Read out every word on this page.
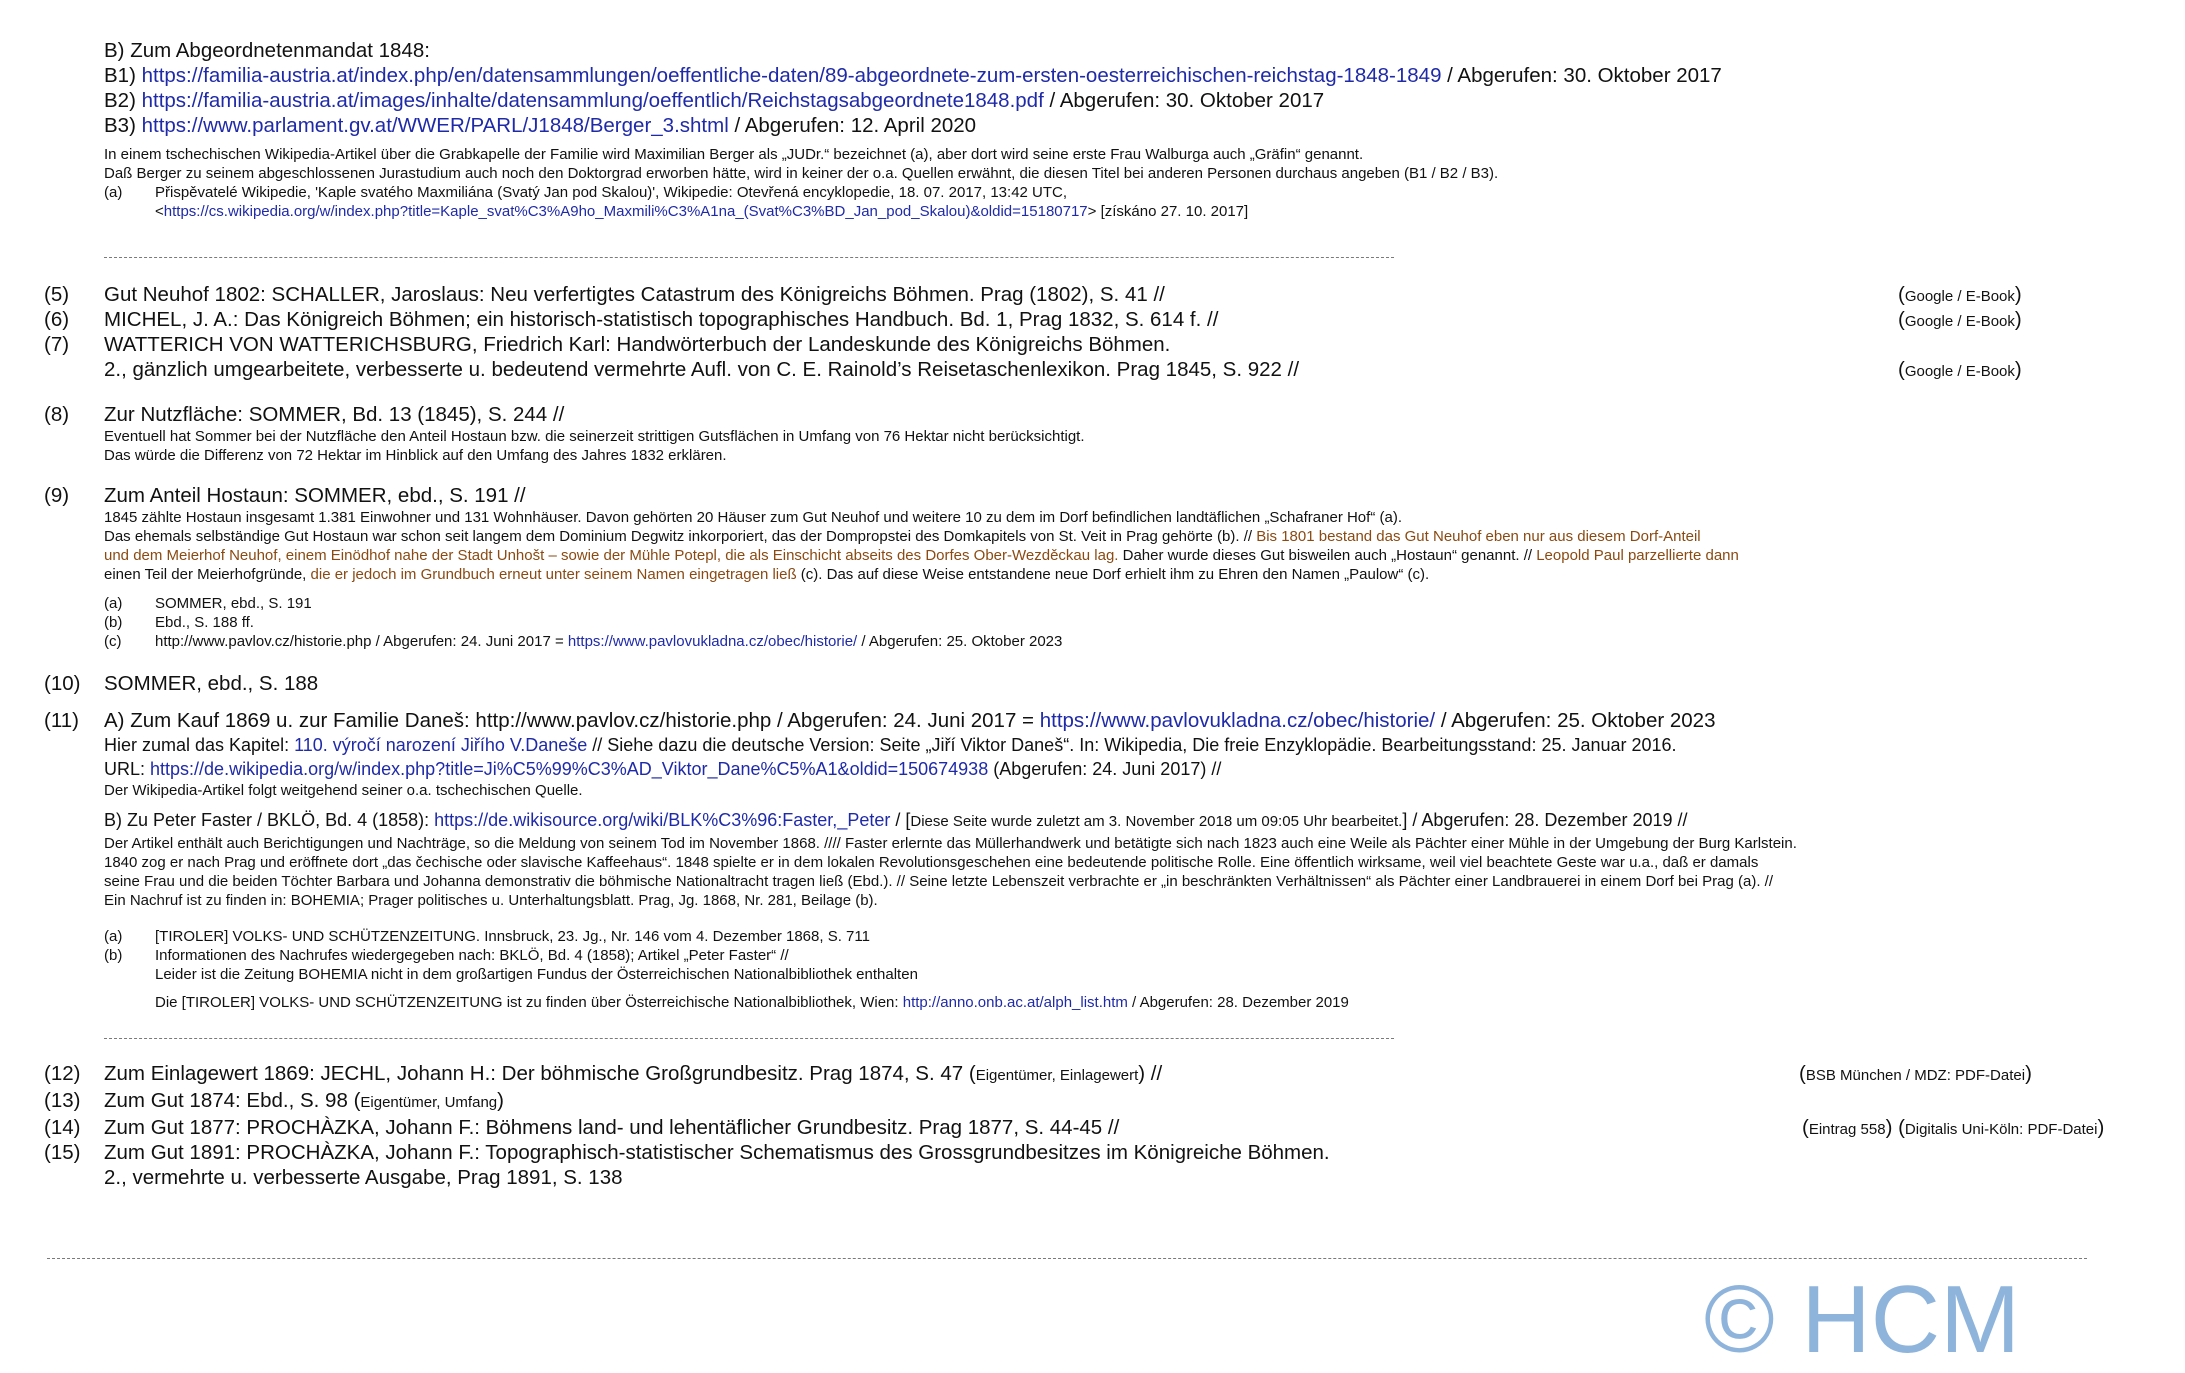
B) Zum Abgeordnetenmandat 1848:
B1) https://familia-austria.at/index.php/en/datensammlungen/oeffentliche-daten/89-abgeordnete-zum-ersten-oesterreichischen-reichstag-1848-1849 / Abgerufen: 30. Oktober 2017
B2) https://familia-austria.at/images/inhalte/datensammlung/oeffentlich/Reichstagsabgeordnete1848.pdf / Abgerufen: 30. Oktober 2017
B3) https://www.parlament.gv.at/WWER/PARL/J1848/Berger_3.shtml / Abgerufen: 12. April 2020
In einem tschechischen Wikipedia-Artikel über die Grabkapelle der Familie wird Maximilian Berger als „JUDr.“ bezeichnet (a), aber dort wird seine erste Frau Walburga auch „Gräfin“ genannt.
Daß Berger zu seinem abgeschlossenen Jurastudium auch noch den Doktorgrad erworben hätte, wird in keiner der o.a. Quellen erwähnt, die diesen Titel bei anderen Personen durchaus angeben (B1 / B2 / B3).
(a) Přispěvatelé Wikipedie, 'Kaple svatého Maxmiliána (Svatý Jan pod Skalou)', Wikipedie: Otevřená encyklopedie, 18. 07. 2017, 13:42 UTC,
<https://cs.wikipedia.org/w/index.php?title=Kaple_svat%C3%A9ho_Maxmili%C3%A1na_(Svat%C3%BD_Jan_pod_Skalou)&oldid=15180717> [získáno 27. 10. 2017]
(5) Gut Neuhof 1802: SCHALLER, Jaroslaus: Neu verfertigtes Catastrum des Königreichs Böhmen. Prag (1802), S. 41 //	(Google / E-Book)
(6) MICHEL, J. A.: Das Königreich Böhmen; ein historisch-statistisch topographisches Handbuch. Bd. 1, Prag 1832, S. 614 f. //	(Google / E-Book)
(7) WATTERICH VON WATTERICHSBURG, Friedrich Karl: Handwörterbuch der Landeskunde des Königreichs Böhmen.
2., gänzlich umgearbeitete, verbesserte u. bedeutend vermehrte Aufl. von C. E. Rainold’s Reisetaschenlexikon. Prag 1845, S. 922 //	(Google / E-Book)
(8) Zur Nutzfläche: SOMMER, Bd. 13 (1845), S. 244 //
Eventuell hat Sommer bei der Nutzfläche den Anteil Hostaun bzw. die seinerzeit strittigen Gutsflächen in Umfang von 76 Hektar nicht berücksichtigt.
Das würde die Differenz von 72 Hektar im Hinblick auf den Umfang des Jahres 1832 erklären.
(9) Zum Anteil Hostaun: SOMMER, ebd., S. 191 //
1845 zählte Hostaun insgesamt 1.381 Einwohner und 131 Wohnhäuser. Davon gehörten 20 Häuser zum Gut Neuhof und weitere 10 zu dem im Dorf befindlichen landtäflichen „Schafraner Hof“ (a).
Das ehemals selbständige Gut Hostaun war schon seit langem dem Dominium Degwitz inkorporiert, das der Dompropstei des Domkapitels von St. Veit in Prag gehörte (b). // Bis 1801 bestand das Gut Neuhof eben nur aus diesem Dorf-Anteil
und dem Meierhof Neuhof, einem Einödhof nahe der Stadt Unhošt – sowie der Mühle Potepl, die als Einschicht abseits des Dorfes Ober-Wezděckau lag. Daher wurde dieses Gut bisweilen auch „Hostaun“ genannt. // Leopold Paul parzellierte dann
einen Teil der Meierhofgründe, die er jedoch im Grundbuch erneut unter seinem Namen eingetragen ließ (c). Das auf diese Weise entstandene neue Dorf erhielt ihm zu Ehren den Namen „Paulow“ (c).
(a) SOMMER, ebd., S. 191
(b) Ebd., S. 188 ff.
(c) http://www.pavlov.cz/historie.php / Abgerufen: 24. Juni 2017 = https://www.pavlovukladna.cz/obec/historie/ / Abgerufen: 25. Oktober 2023
(10) SOMMER, ebd., S. 188
(11) A) Zum Kauf 1869 u. zur Familie Daneš: http://www.pavlov.cz/historie.php / Abgerufen: 24. Juni 2017 = https://www.pavlovukladna.cz/obec/historie/ / Abgerufen: 25. Oktober 2023
Hier zumal das Kapitel: 110. výročí narození Jiřího V.Daneše // Siehe dazu die deutsche Version: Seite „Jiří Viktor Daneš“. In: Wikipedia, Die freie Enzyklopädie. Bearbeitungsstand: 25. Januar 2016.
URL: https://de.wikipedia.org/w/index.php?title=Ji%C5%99%C3%AD_Viktor_Dane%C5%A1&oldid=150674938 (Abgerufen: 24. Juni 2017) //
Der Wikipedia-Artikel folgt weitgehend seiner o.a. tschechischen Quelle.
B) Zu Peter Faster / BKLÖ, Bd. 4 (1858): https://de.wikisource.org/wiki/BLK%C3%96:Faster,_Peter / [Diese Seite wurde zuletzt am 3. November 2018 um 09:05 Uhr bearbeitet.] / Abgerufen: 28. Dezember 2019 //
Der Artikel enthält auch Berichtigungen und Nachträge, so die Meldung von seinem Tod im November 1868. //// Faster erlernte das Müllerhandwerk und betätigte sich nach 1823 auch eine Weile als Pächter einer Mühle in der Umgebung der Burg Karlstein.
1840 zog er nach Prag und eröffnete dort „das čechische oder slavische Kaffeehaus“. 1848 spielte er in dem lokalen Revolutionsgeschehen eine bedeutende politische Rolle. Eine öffentlich wirksame, weil viel beachtete Geste war u.a., daß er damals
seine Frau und die beiden Töchter Barbara und Johanna demonstrativ die böhmische Nationaltracht tragen ließ (Ebd.). // Seine letzte Lebenszeit verbrachte er „in beschränkten Verhältnissen“ als Pächter einer Landbrauerei in einem Dorf bei Prag (a). //
Ein Nachruf ist zu finden in: BOHEMIA; Prager politisches u. Unterhaltungsblatt. Prag, Jg. 1868, Nr. 281, Beilage (b).
(a) [TIROLER] VOLKS- UND SCHÜTZENZEITUNG. Innsbruck, 23. Jg., Nr. 146 vom 4. Dezember 1868, S. 711
(b) Informationen des Nachrufes wiedergegeben nach: BKLÖ, Bd. 4 (1858); Artikel „Peter Faster“ //
Leider ist die Zeitung BOHEMIA nicht in dem großartigen Fundus der Österreichischen Nationalbibliothek enthalten
Die [TIROLER] VOLKS- UND SCHÜTZENZEITUNG ist zu finden über Österreichische Nationalbibliothek, Wien: http://anno.onb.ac.at/alph_list.htm / Abgerufen: 28. Dezember 2019
(12) Zum Einlagewert 1869: JECHL, Johann H.: Der böhmische Großgrundbesitz. Prag 1874, S. 47 (Eigentümer, Einlagewert) //	(BSB München / MDZ: PDF-Datei)
(13) Zum Gut 1874: Ebd., S. 98 (Eigentümer, Umfang)
(14) Zum Gut 1877: PROCHÀZKA, Johann F.: Böhmens land- und lehentäflicher Grundbesitz. Prag 1877, S. 44-45 //	(Eintrag 558) (Digitalis Uni-Köln: PDF-Datei)
(15) Zum Gut 1891: PROCHÀZKA, Johann F.: Topographisch-statistischer Schematismus des Grossgrundbesitzes im Königreiche Böhmen.
2., vermehrte u. verbesserte Ausgabe, Prag 1891, S. 138
© HCM
